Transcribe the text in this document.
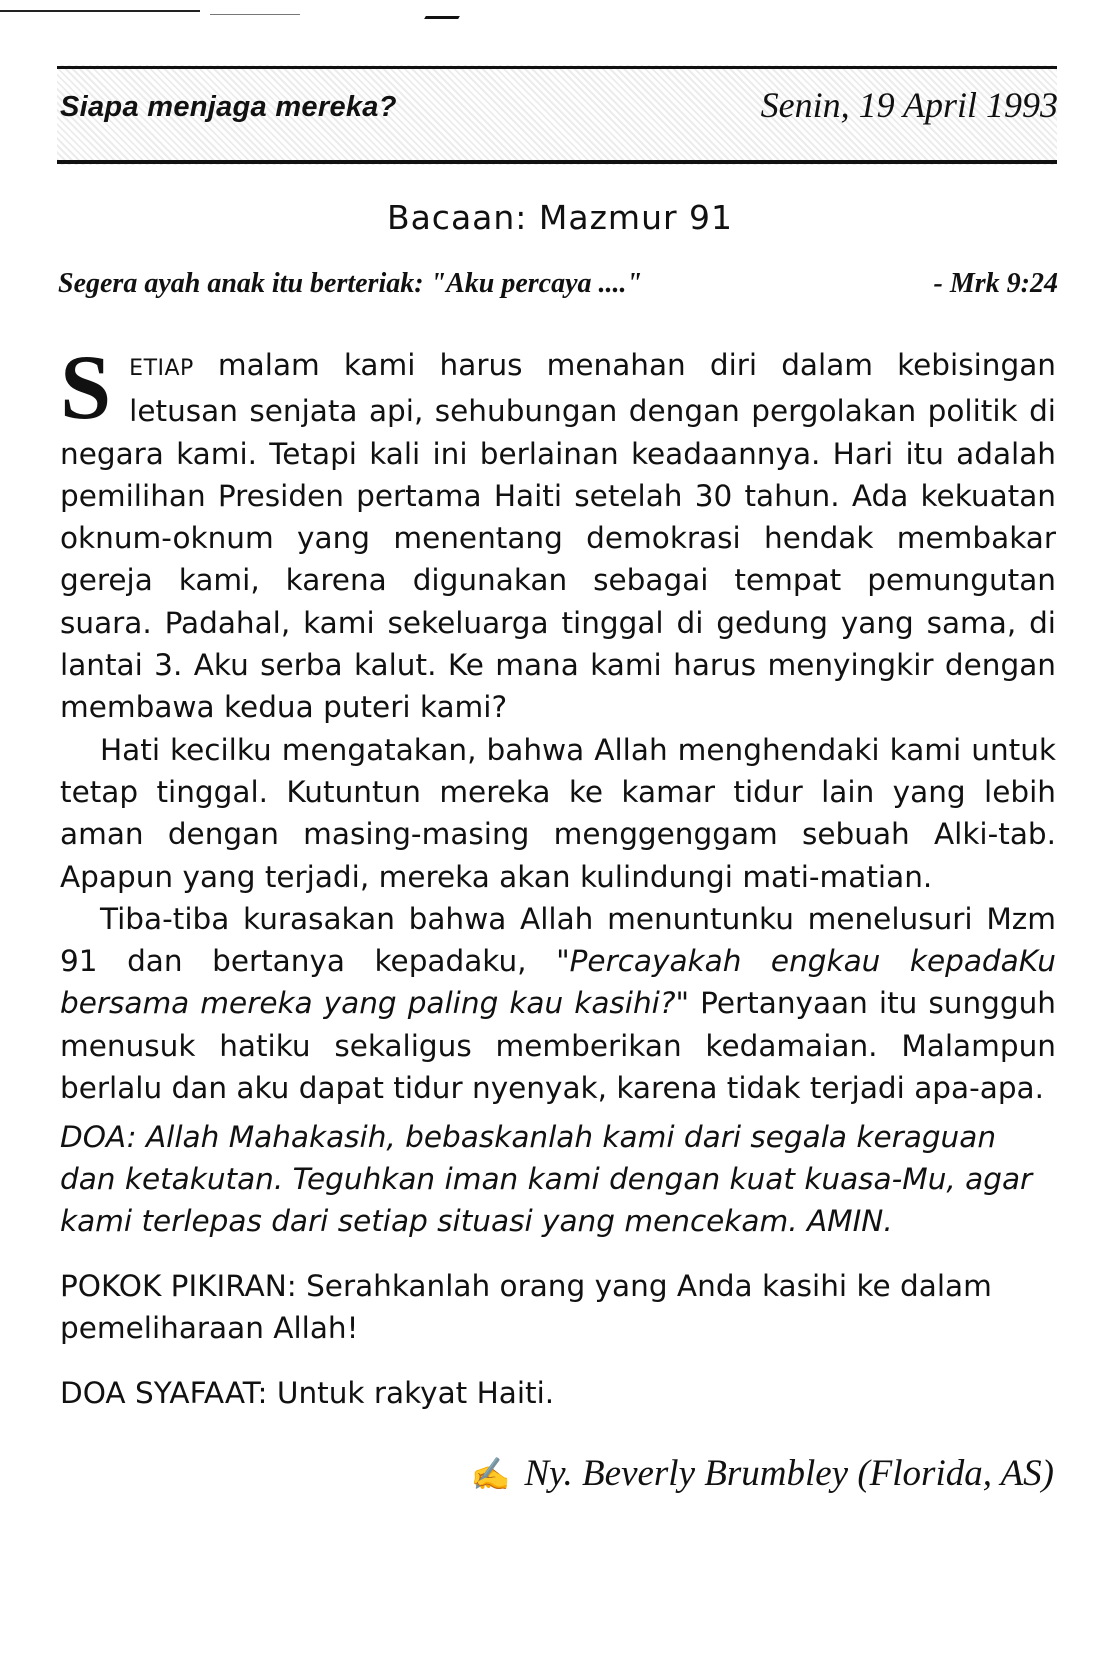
Siapa menjaga mereka?	Senin, 19 April 1993
Bacaan: Mazmur 91
Segera ayah anak itu berteriak: "Aku percaya ...."	- Mrk 9:24

SETIAP malam kami harus menahan diri dalam kebisingan letusan senjata api, sehubungan dengan pergolakan politik di negara kami. Tetapi kali ini berlainan keadaannya. Hari itu adalah pemilihan Presiden pertama Haiti setelah 30 tahun. Ada kekuatan oknum-oknum yang menentang demokrasi hendak membakar gereja kami, karena digunakan sebagai tempat pemungutan suara. Padahal, kami sekeluarga tinggal di gedung yang sama, di lantai 3. Aku serba kalut. Ke mana kami harus menyingkir dengan membawa kedua puteri kami?

Hati kecilku mengatakan, bahwa Allah menghendaki kami untuk tetap tinggal. Kutuntun mereka ke kamar tidur lain yang lebih aman dengan masing-masing menggenggam sebuah Alki-tab. Apapun yang terjadi, mereka akan kulindungi mati-matian.

Tiba-tiba kurasakan bahwa Allah menuntunku menelusuri Mzm 91 dan bertanya kepadaku, "Percayakah engkau kepadaKu bersama mereka yang paling kau kasihi?" Pertanyaan itu sungguh menusuk hatiku sekaligus memberikan kedamaian. Malampun berlalu dan aku dapat tidur nyenyak, karena tidak terjadi apa-apa.

DOA: Allah Mahakasih, bebaskanlah kami dari segala keraguan dan ketakutan. Teguhkan iman kami dengan kuat kuasa-Mu, agar kami terlepas dari setiap situasi yang mencekam. AMIN.
POKOK PIKIRAN: Serahkanlah orang yang Anda kasihi ke dalam pemeliharaan Allah!
DOA SYAFAAT: Untuk rakyat Haiti.
✍ Ny. Beverly Brumbley (Florida, AS)
